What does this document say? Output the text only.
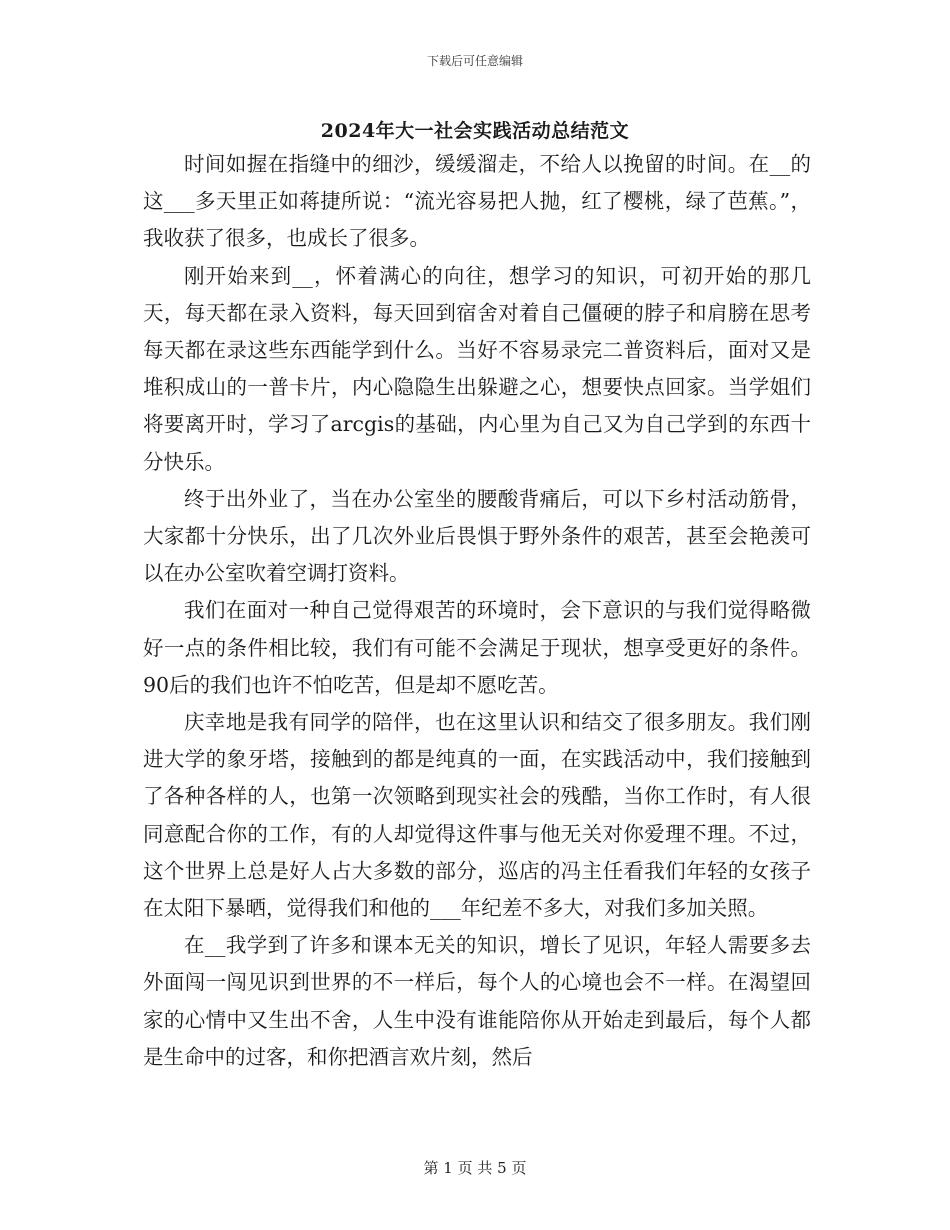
下载后可任意编辑
2024年大一社会实践活动总结范文

时间如握在指缝中的细沙，缓缓溜走，不给人以挽留的时间。在__的这___多天里正如蒋捷所说：“流光容易把人抛，红了樱桃，绿了芭蕉。”，我收获了很多，也成长了很多。

刚开始来到__，怀着满心的向往，想学习的知识，可初开始的那几天，每天都在录入资料，每天回到宿舍对着自己僵硬的脖子和肩膀在思考每天都在录这些东西能学到什么。当好不容易录完二普资料后，面对又是堆积成山的一普卡片，内心隐隐生出躲避之心，想要快点回家。当学姐们将要离开时，学习了arcgis的基础，内心里为自己又为自己学到的东西十分快乐。

终于出外业了，当在办公室坐的腰酸背痛后，可以下乡村活动筋骨，大家都十分快乐，出了几次外业后畏惧于野外条件的艰苦，甚至会艳羡可以在办公室吹着空调打资料。

我们在面对一种自己觉得艰苦的环境时，会下意识的与我们觉得略微好一点的条件相比较，我们有可能不会满足于现状，想享受更好的条件。90后的我们也许不怕吃苦，但是却不愿吃苦。

庆幸地是我有同学的陪伴，也在这里认识和结交了很多朋友。我们刚进大学的象牙塔，接触到的都是纯真的一面，在实践活动中，我们接触到了各种各样的人，也第一次领略到现实社会的残酷，当你工作时，有人很同意配合你的工作，有的人却觉得这件事与他无关对你爱理不理。不过，这个世界上总是好人占大多数的部分，巡店的冯主任看我们年轻的女孩子在太阳下暴晒，觉得我们和他的___年纪差不多大，对我们多加关照。

在__我学到了许多和课本无关的知识，增长了见识，年轻人需要多去外面闯一闯见识到世界的不一样后，每个人的心境也会不一样。在渴望回家的心情中又生出不舍，人生中没有谁能陪你从开始走到最后，每个人都是生命中的过客，和你把酒言欢片刻，然后

第 1 页 共 5 页
